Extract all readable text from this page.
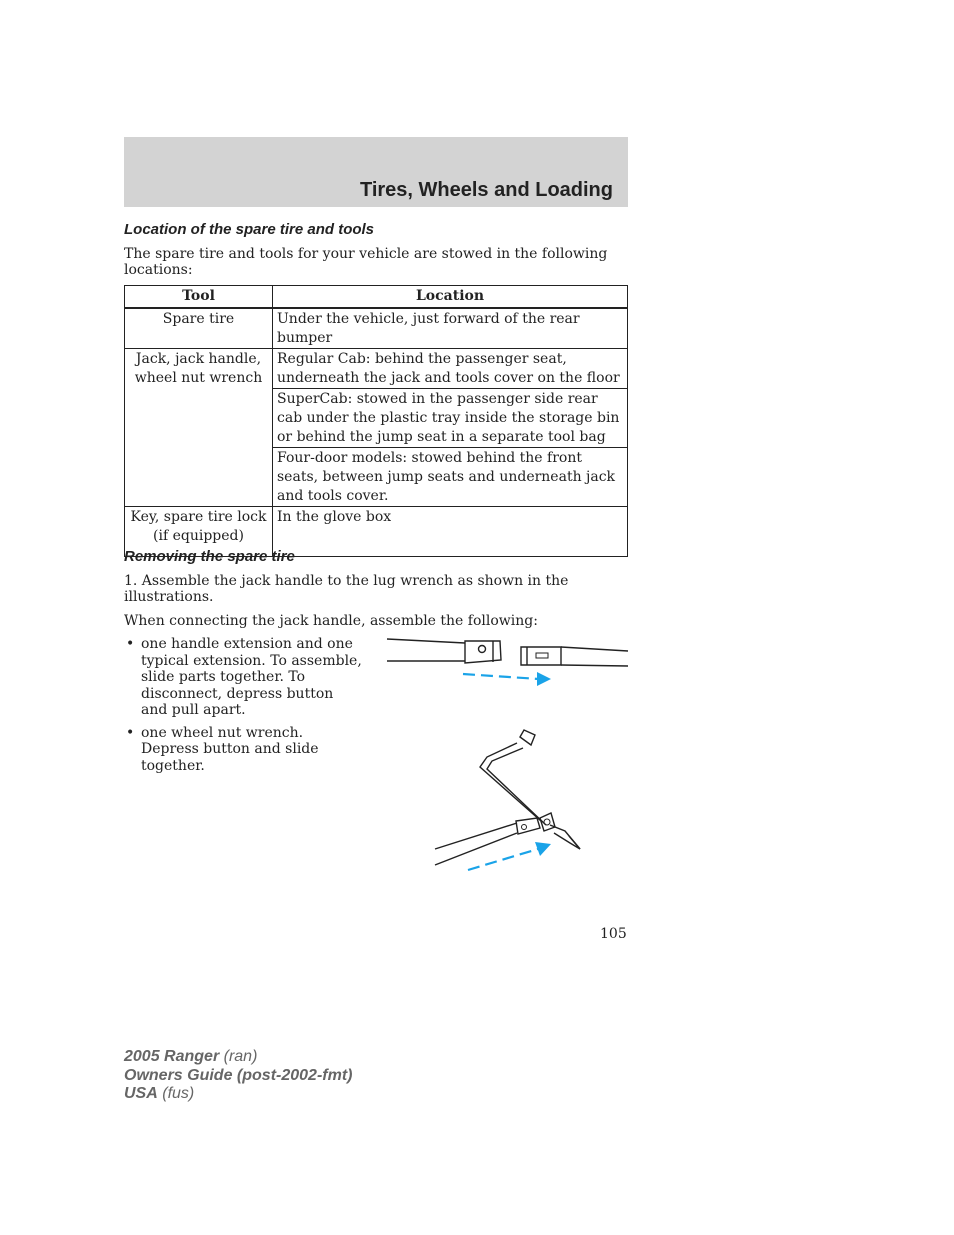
Tires, Wheels and Loading
Location of the spare tire and tools
The spare tire and tools for your vehicle are stowed in the following locations:
Tool	Location
Spare tire	Under the vehicle, just forward of the rear bumper
Jack, jack handle, wheel nut wrench	Regular Cab: behind the passenger seat, underneath the jack and tools cover on the floor
	SuperCab: stowed in the passenger side rear cab under the plastic tray inside the storage bin or behind the jump seat in a separate tool bag
	Four-door models: stowed behind the front seats, between jump seats and underneath jack and tools cover.
Key, spare tire lock (if equipped)	In the glove box
Removing the spare tire
1. Assemble the jack handle to the lug wrench as shown in the illustrations.
When connecting the jack handle, assemble the following:
• one handle extension and one typical extension. To assemble, slide parts together. To disconnect, depress button and pull apart.
• one wheel nut wrench. Depress button and slide together.
105
2005 Ranger (ran)
Owners Guide (post-2002-fmt)
USA (fus)
